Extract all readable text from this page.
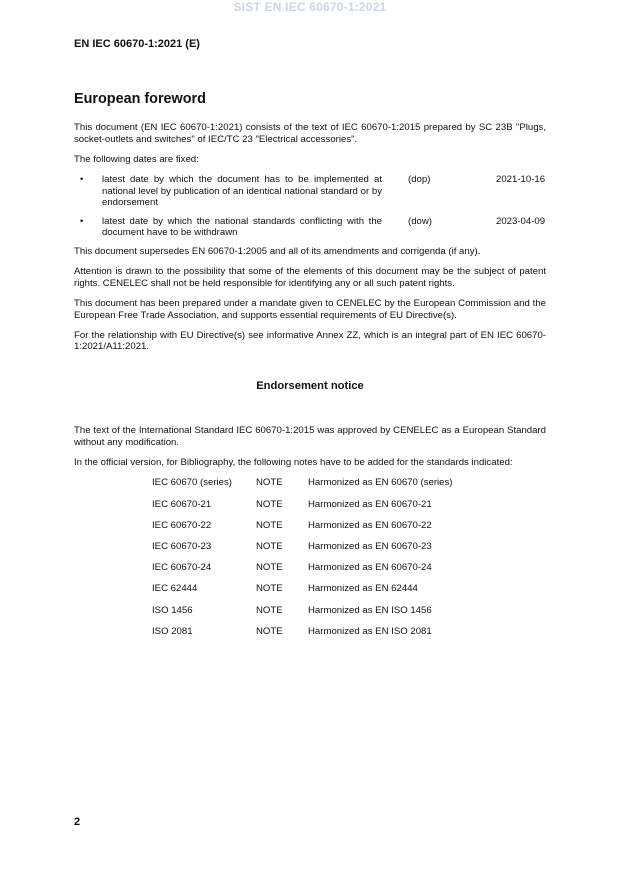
SIST EN IEC 60670-1:2021
EN IEC 60670-1:2021 (E)
European foreword

This document (EN IEC 60670-1:2021) consists of the text of IEC 60670-1:2015 prepared by SC 23B "Plugs, socket-outlets and switches" of IEC/TC 23 "Electrical accessories".

The following dates are fixed:

•	latest date by which the document has to be implemented at national level by publication of an identical national standard or by endorsement
(dop)	2021-10-16
•	latest date by which the national standards conflicting with the document have to be withdrawn
(dow)	2023-04-09

This document supersedes EN 60670-1:2005 and all of its amendments and corrigenda (if any).

Attention is drawn to the possibility that some of the elements of this document may be the subject of patent rights. CENELEC shall not be held responsible for identifying any or all such patent rights.

This document has been prepared under a mandate given to CENELEC by the European Commission and the European Free Trade Association, and supports essential requirements of EU Directive(s).

For the relationship with EU Directive(s) see informative Annex ZZ, which is an integral part of EN IEC 60670-1:2021/A11:2021.

Endorsement notice

The text of the International Standard IEC 60670-1:2015 was approved by CENELEC as a European Standard without any modification.

In the official version, for Bibliography, the following notes have to be added for the standards indicated:

IEC 60670 (series)	NOTE	Harmonized as EN 60670 (series)
IEC 60670-21	NOTE	Harmonized as EN 60670-21
IEC 60670-22	NOTE	Harmonized as EN 60670-22
IEC 60670-23	NOTE	Harmonized as EN 60670-23
IEC 60670-24	NOTE	Harmonized as EN 60670-24
IEC 62444	NOTE	Harmonized as EN 62444
ISO 1456	NOTE	Harmonized as EN ISO 1456
ISO 2081	NOTE	Harmonized as EN ISO 2081
2
